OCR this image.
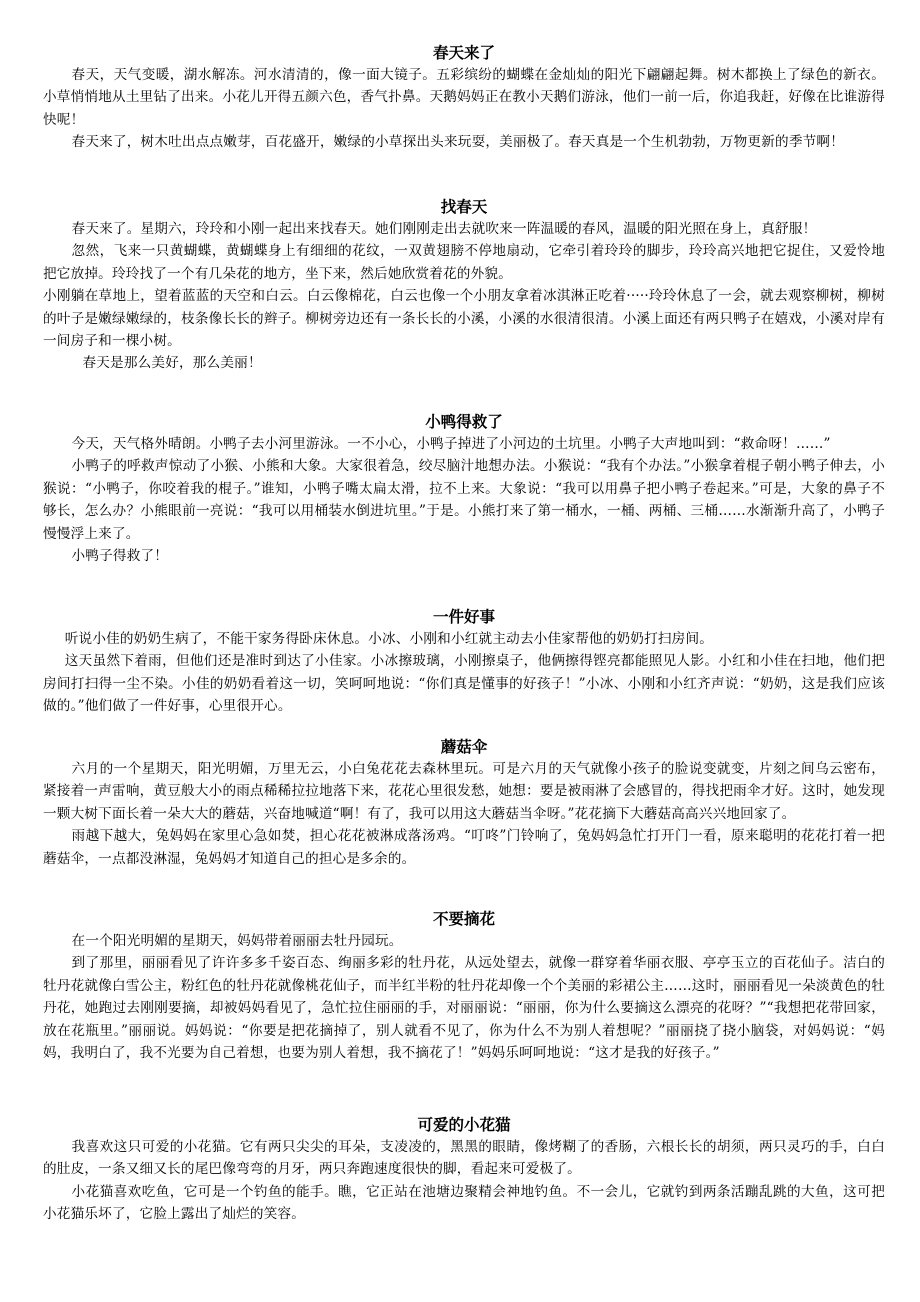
春天来了

春天，天气变暖，湖水解冻。河水清清的，像一面大镜子。五彩缤纷的蝴蝶在金灿灿的阳光下翩翩起舞。树木都换上了绿色的新衣。小草悄悄地从土里钻了出来。小花儿开得五颜六色，香气扑鼻。天鹅妈妈正在教小天鹅们游泳，他们一前一后，你追我赶，好像在比谁游得快呢！

春天来了，树木吐出点点嫩芽，百花盛开，嫩绿的小草探出头来玩耍，美丽极了。春天真是一个生机勃勃，万物更新的季节啊！

找春天

春天来了。星期六，玲玲和小刚一起出来找春天。她们刚刚走出去就吹来一阵温暖的春风，温暖的阳光照在身上，真舒服！

忽然，飞来一只黄蝴蝶，黄蝴蝶身上有细细的花纹，一双黄翅膀不停地扇动，它牵引着玲玲的脚步，玲玲高兴地把它捉住，又爱怜地把它放掉。玲玲找了一个有几朵花的地方，坐下来，然后她欣赏着花的外貌。

小刚躺在草地上，望着蓝蓝的天空和白云。白云像棉花，白云也像一个小朋友拿着冰淇淋正吃着·····玲玲休息了一会，就去观察柳树，柳树的叶子是嫩绿嫩绿的，枝条像长长的辫子。柳树旁边还有一条长长的小溪，小溪的水很清很清。小溪上面还有两只鸭子在嬉戏，小溪对岸有一间房子和一棵小树。

春天是那么美好，那么美丽！

小鸭得救了

今天，天气格外晴朗。小鸭子去小河里游泳。一不小心，小鸭子掉进了小河边的土坑里。小鸭子大声地叫到：“救命呀！……”

小鸭子的呼救声惊动了小猴、小熊和大象。大家很着急，绞尽脑汁地想办法。小猴说：“我有个办法。”小猴拿着棍子朝小鸭子伸去，小猴说：“小鸭子，你咬着我的棍子。”谁知，小鸭子嘴太扁太滑，拉不上来。大象说：“我可以用鼻子把小鸭子卷起来。”可是，大象的鼻子不够长，怎么办？小熊眼前一亮说：“我可以用桶装水倒进坑里。”于是。小熊打来了第一桶水，一桶、两桶、三桶……水渐渐升高了，小鸭子慢慢浮上来了。

小鸭子得救了！

一件好事

听说小佳的奶奶生病了，不能干家务得卧床休息。小冰、小刚和小红就主动去小佳家帮他的奶奶打扫房间。

这天虽然下着雨，但他们还是准时到达了小佳家。小冰擦玻璃，小刚擦桌子，他俩擦得铿亮都能照见人影。小红和小佳在扫地，他们把房间打扫得一尘不染。小佳的奶奶看着这一切，笑呵呵地说：“你们真是懂事的好孩子！”小冰、小刚和小红齐声说：“奶奶，这是我们应该做的。”他们做了一件好事，心里很开心。

蘑菇伞

六月的一个星期天，阳光明媚，万里无云，小白兔花花去森林里玩。可是六月的天气就像小孩子的脸说变就变，片刻之间乌云密布，紧接着一声雷响，黄豆般大小的雨点稀稀拉拉地落下来，花花心里很发愁，她想：要是被雨淋了会感冒的，得找把雨伞才好。这时，她发现一颗大树下面长着一朵大大的蘑菇，兴奋地喊道“啊！有了，我可以用这大蘑菇当伞呀。”花花摘下大蘑菇高高兴兴地回家了。

雨越下越大，兔妈妈在家里心急如焚，担心花花被淋成落汤鸡。“叮咚”门铃响了，兔妈妈急忙打开门一看，原来聪明的花花打着一把蘑菇伞，一点都没淋湿，兔妈妈才知道自己的担心是多余的。

不要摘花

在一个阳光明媚的星期天，妈妈带着丽丽去牡丹园玩。

到了那里，丽丽看见了许许多多千姿百态、绚丽多彩的牡丹花，从远处望去，就像一群穿着华丽衣服、亭亭玉立的百花仙子。洁白的牡丹花就像白雪公主，粉红色的牡丹花就像桃花仙子，而半红半粉的牡丹花却像一个个美丽的彩裙公主……这时，丽丽看见一朵淡黄色的牡丹花，她跑过去刚刚要摘，却被妈妈看见了，急忙拉住丽丽的手，对丽丽说：“丽丽，你为什么要摘这么漂亮的花呀？”“我想把花带回家，放在花瓶里。”丽丽说。妈妈说：“你要是把花摘掉了，别人就看不见了，你为什么不为别人着想呢？”丽丽挠了挠小脑袋，对妈妈说：“妈妈，我明白了，我不光要为自己着想，也要为别人着想，我不摘花了！”妈妈乐呵呵地说：“这才是我的好孩子。”

可爱的小花猫

我喜欢这只可爱的小花猫。它有两只尖尖的耳朵，支凌凌的，黑黑的眼睛，像烤糊了的香肠，六根长长的胡须，两只灵巧的手，白白的肚皮，一条又细又长的尾巴像弯弯的月牙，两只奔跑速度很快的脚，看起来可爱极了。

小花猫喜欢吃鱼，它可是一个钓鱼的能手。瞧，它正站在池塘边聚精会神地钓鱼。不一会儿，它就钓到两条活蹦乱跳的大鱼，这可把小花猫乐坏了，它脸上露出了灿烂的笑容。
